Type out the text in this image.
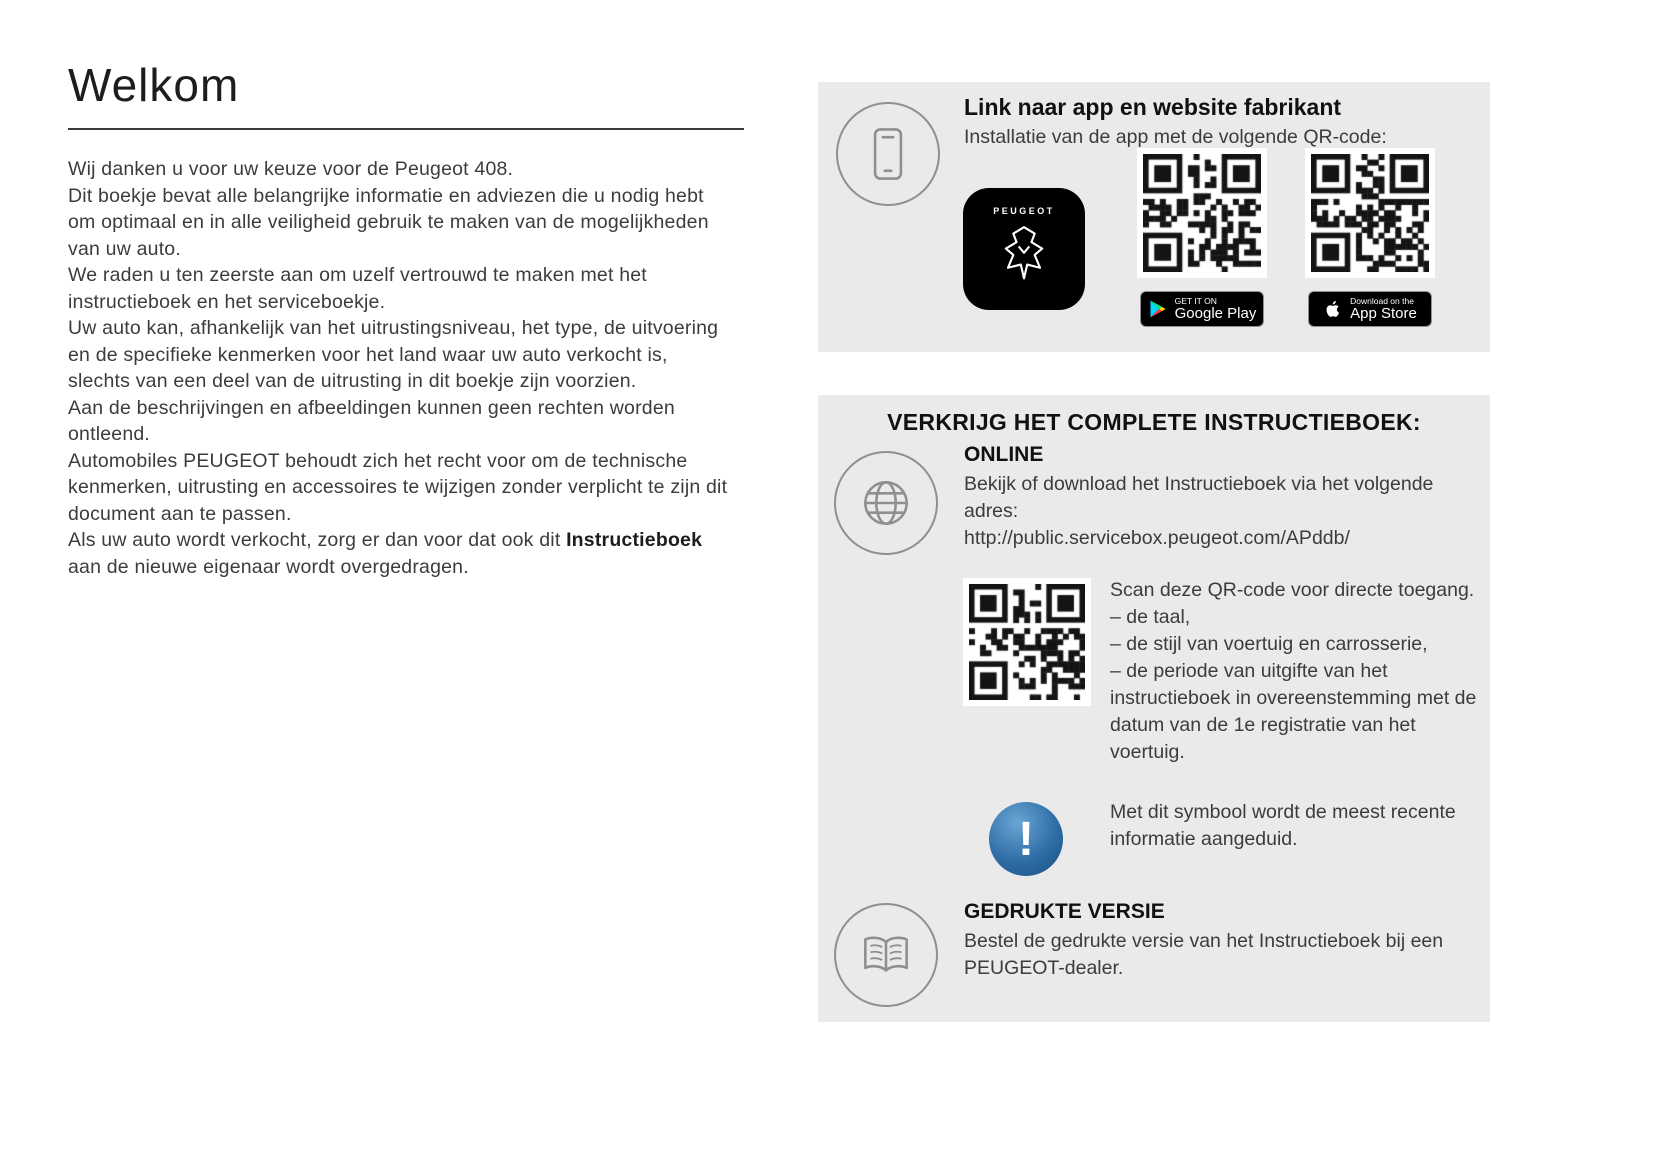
Welkom

Wij danken u voor uw keuze voor de Peugeot 408.

Dit boekje bevat alle belangrijke informatie en adviezen die u nodig hebt om optimaal en in alle veiligheid gebruik te maken van de mogelijkheden van uw auto.

We raden u ten zeerste aan om uzelf vertrouwd te maken met het instructieboek en het serviceboekje.

Uw auto kan, afhankelijk van het uitrustingsniveau, het type, de uitvoering en de specifieke kenmerken voor het land waar uw auto verkocht is, slechts van een deel van de uitrusting in dit boekje zijn voorzien.

Aan de beschrijvingen en afbeeldingen kunnen geen rechten worden ontleend.

Automobiles PEUGEOT behoudt zich het recht voor om de technische kenmerken, uitrusting en accessoires te wijzigen zonder verplicht te zijn dit document aan te passen.

Als uw auto wordt verkocht, zorg er dan voor dat ook dit Instructieboek aan de nieuwe eigenaar wordt overgedragen.

Link naar app en website fabrikant
Installatie van de app met de volgende QR-code:
PEUGEOT
GET IT ON
Google Play
Download on the
App Store
VERKRIJG HET COMPLETE INSTRUCTIEBOEK:
ONLINE
Bekijk of download het Instructieboek via het volgende adres:
http://public.servicebox.peugeot.com/APddb/
Scan deze QR-code voor directe toegang.
– de taal,
– de stijl van voertuig en carrosserie,
– de periode van uitgifte van het instructieboek in overeenstemming met de datum van de 1e registratie van het voertuig.
!
Met dit symbool wordt de meest recente informatie aangeduid.
GEDRUKTE VERSIE
Bestel de gedrukte versie van het Instructieboek bij een PEUGEOT-dealer.
